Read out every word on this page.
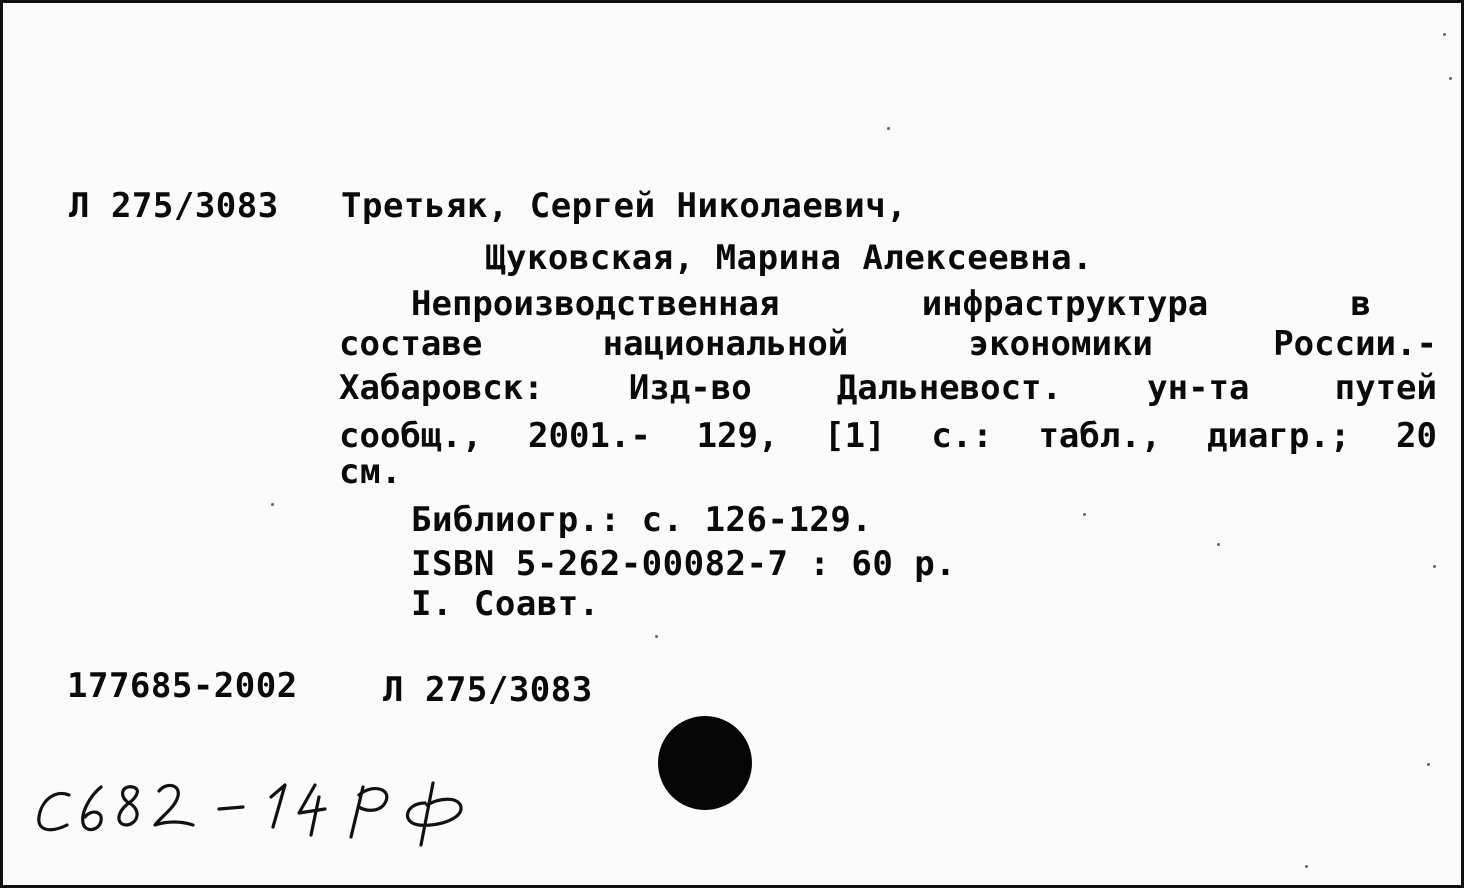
Л 275/3083 Третьяк, Сергей Николаевич,
Щуковская, Марина Алексеевна.
Непроизводственная	инфраструктура	в
составе	национальной	экономики	России.-
Хабаровск:	Изд-во	Дальневост.	ун-та	путей
сообщ., 2001.- 129, [1] с.: табл., диагр.; 20
см.
Библиогр.: с. 126-129.
ISBN 5-262-00082-7 : 60 р.
I. Соавт.
177685-2002	Л 275/3083
